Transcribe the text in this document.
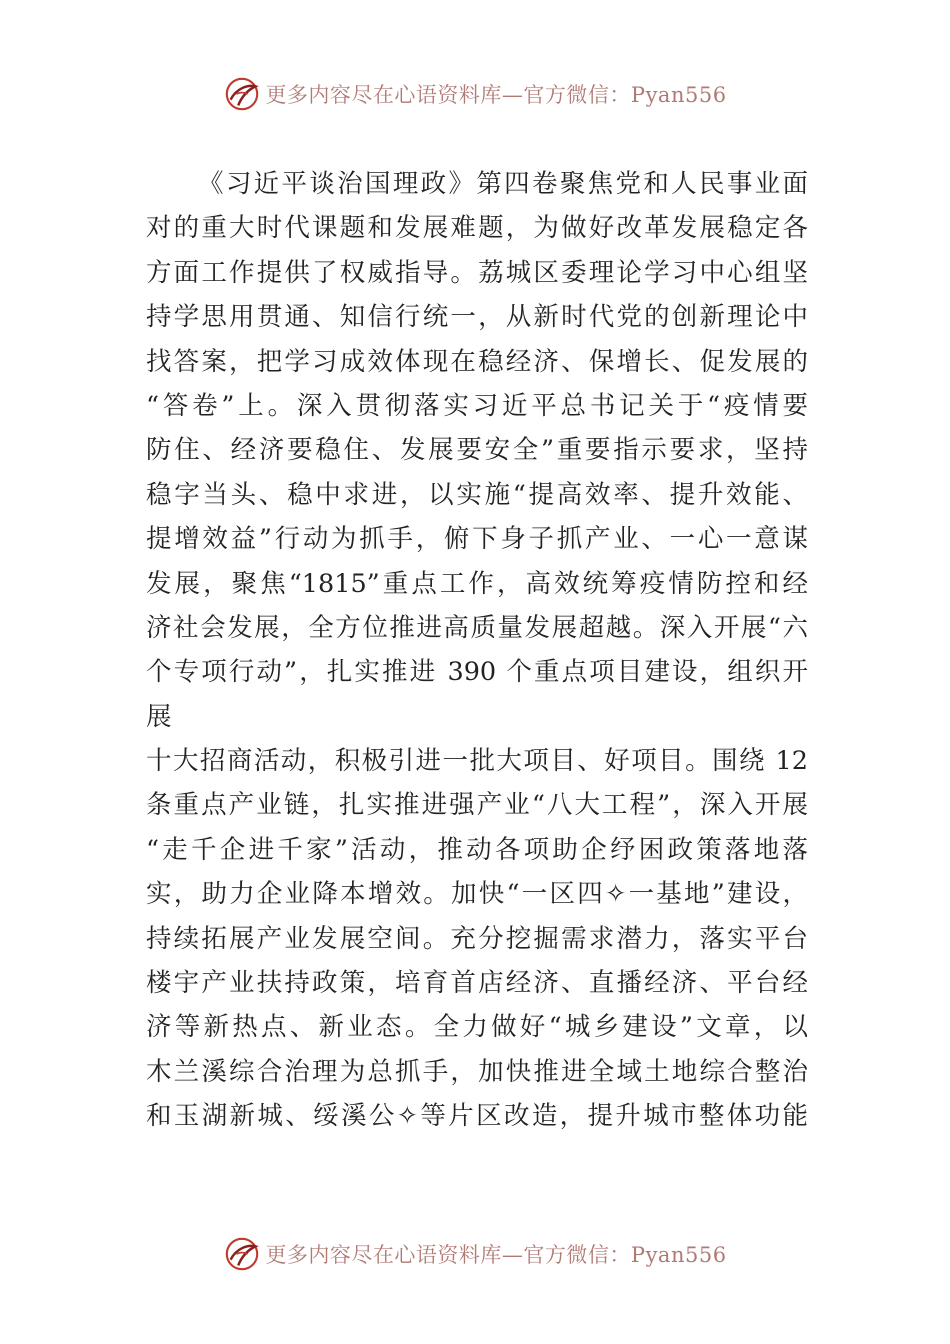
更多内容尽在心语资料库—官方微信：Pyan556
《习近平谈治国理政》第四卷聚焦党和人民事业面
对的重大时代课题和发展难题，为做好改革发展稳定各
方面工作提供了权威指导。荔城区委理论学习中心组坚
持学思用贯通、知信行统一，从新时代党的创新理论中
找答案，把学习成效体现在稳经济、保增长、促发展的
“答卷”上。深入贯彻落实习近平总书记关于“疫情要
防住、经济要稳住、发展要安全”重要指示要求，坚持
稳字当头、稳中求进，以实施“提高效率、提升效能、
提增效益”行动为抓手，俯下身子抓产业、一心一意谋
发展，聚焦“1815”重点工作，高效统筹疫情防控和经
济社会发展，全方位推进高质量发展超越。深入开展“六
个专项行动”，扎实推进 390 个重点项目建设，组织开
展
十大招商活动，积极引进一批大项目、好项目。围绕 12
条重点产业链，扎实推进强产业“八大工程”，深入开展
“走千企进千家”活动，推动各项助企纾困政策落地落
实，助力企业降本增效。加快“一区四✧一基地”建设，
持续拓展产业发展空间。充分挖掘需求潜力，落实平台
楼宇产业扶持政策，培育首店经济、直播经济、平台经
济等新热点、新业态。全力做好“城乡建设”文章，以
木兰溪综合治理为总抓手，加快推进全域土地综合整治
和玉湖新城、绥溪公✧等片区改造，提升城市整体功能
更多内容尽在心语资料库—官方微信：Pyan556
